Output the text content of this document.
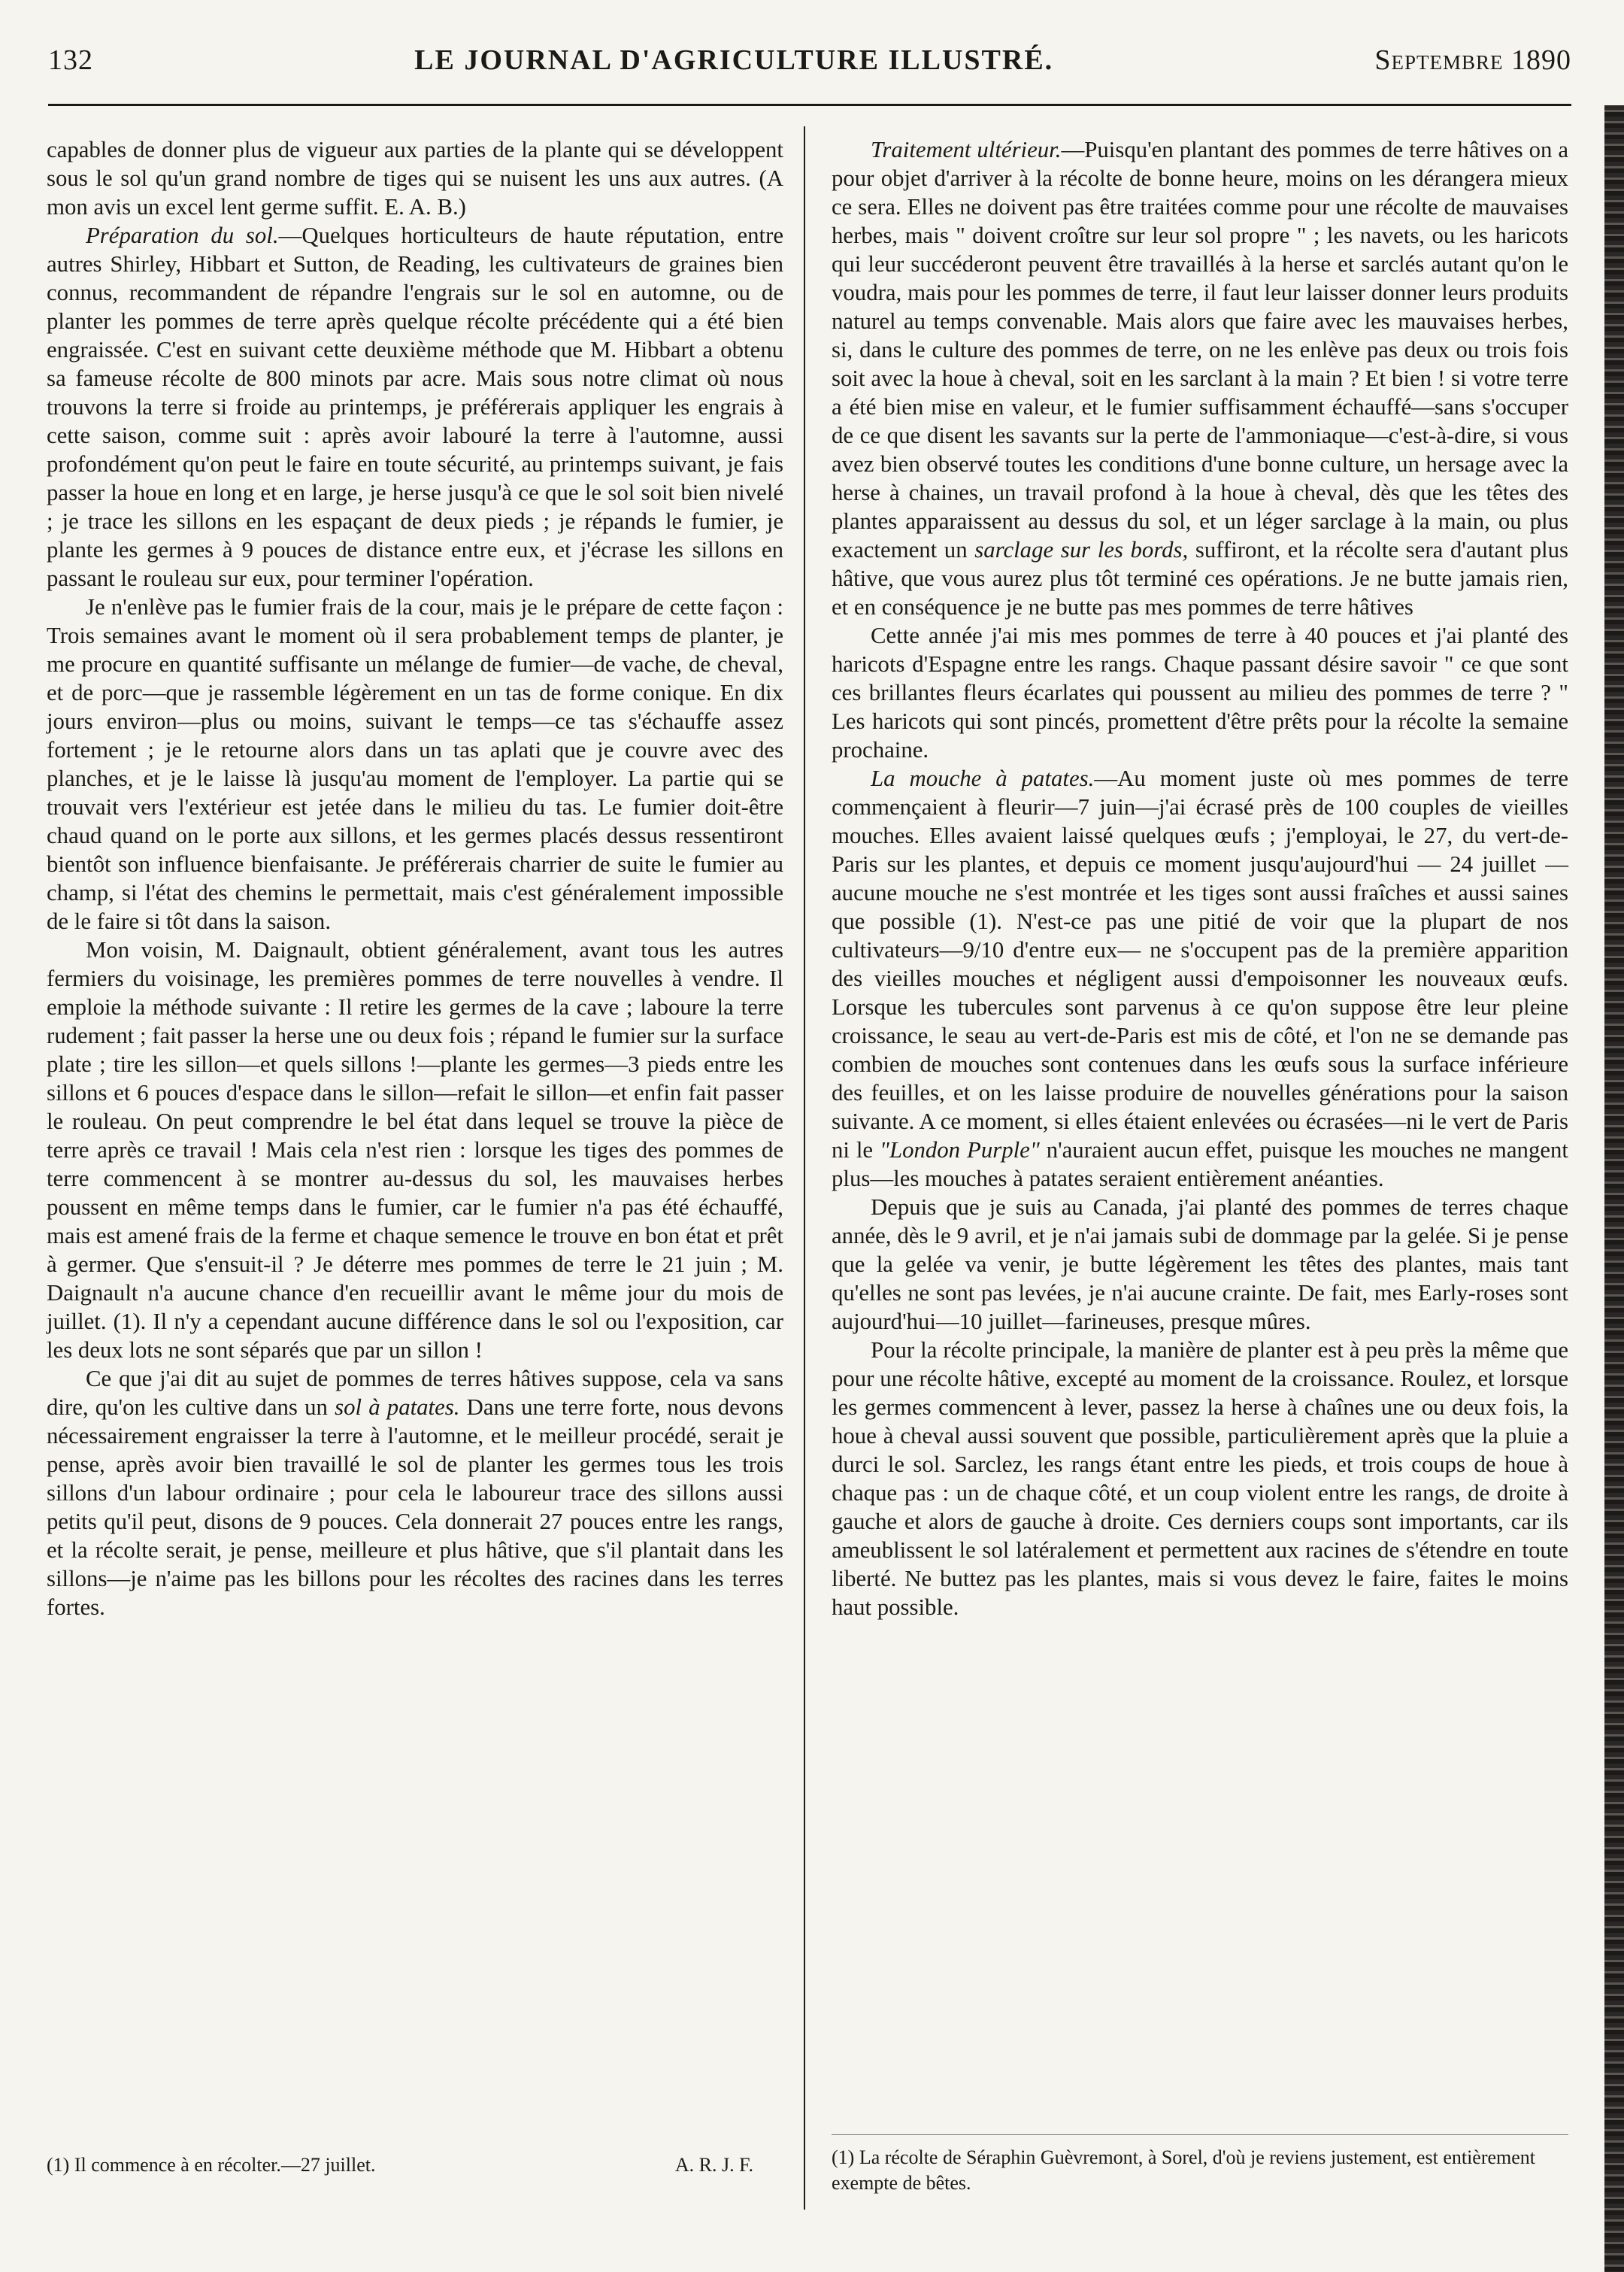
132	LE JOURNAL D'AGRICULTURE ILLUSTRÉ.	Septembre 1890

capables de donner plus de vigueur aux parties de la plante qui se développent sous le sol qu'un grand nombre de tiges qui se nuisent les uns aux autres. (A mon avis un excel lent germe suffit. E. A. B.)

Préparation du sol.—Quelques horticulteurs de haute réputation, entre autres Shirley, Hibbart et Sutton, de Reading, les cultivateurs de graines bien connus, recommandent de répandre l'engrais sur le sol en automne, ou de planter les pommes de terre après quelque récolte précédente qui a été bien engraissée. C'est en suivant cette deuxième méthode que M. Hibbart a obtenu sa fameuse récolte de 800 minots par acre. Mais sous notre climat où nous trouvons la terre si froide au printemps, je préférerais appliquer les engrais à cette saison, comme suit : après avoir labouré la terre à l'automne, aussi profondément qu'on peut le faire en toute sécurité, au printemps suivant, je fais passer la houe en long et en large, je herse jusqu'à ce que le sol soit bien nivelé ; je trace les sillons en les espaçant de deux pieds ; je répands le fumier, je plante les germes à 9 pouces de distance entre eux, et j'écrase les sillons en passant le rouleau sur eux, pour terminer l'opération.

Je n'enlève pas le fumier frais de la cour, mais je le prépare de cette façon : Trois semaines avant le moment où il sera probablement temps de planter, je me procure en quantité suffisante un mélange de fumier—de vache, de cheval, et de porc—que je rassemble légèrement en un tas de forme conique. En dix jours environ—plus ou moins, suivant le temps—ce tas s'échauffe assez fortement ; je le retourne alors dans un tas aplati que je couvre avec des planches, et je le laisse là jusqu'au moment de l'employer. La partie qui se trouvait vers l'extérieur est jetée dans le milieu du tas. Le fumier doit-être chaud quand on le porte aux sillons, et les germes placés dessus ressentiront bientôt son influence bienfaisante. Je préférerais charrier de suite le fumier au champ, si l'état des chemins le permettait, mais c'est généralement impossible de le faire si tôt dans la saison.

Mon voisin, M. Daignault, obtient généralement, avant tous les autres fermiers du voisinage, les premières pommes de terre nouvelles à vendre. Il emploie la méthode suivante : Il retire les germes de la cave ; laboure la terre rudement ; fait passer la herse une ou deux fois ; répand le fumier sur la surface plate ; tire les sillon—et quels sillons !—plante les germes—3 pieds entre les sillons et 6 pouces d'espace dans le sillon—refait le sillon—et enfin fait passer le rouleau. On peut comprendre le bel état dans lequel se trouve la pièce de terre après ce travail ! Mais cela n'est rien : lorsque les tiges des pommes de terre commencent à se montrer au-dessus du sol, les mauvaises herbes poussent en même temps dans le fumier, car le fumier n'a pas été échauffé, mais est amené frais de la ferme et chaque semence le trouve en bon état et prêt à germer. Que s'ensuit-il ? Je déterre mes pommes de terre le 21 juin ; M. Daignault n'a aucune chance d'en recueillir avant le même jour du mois de juillet. (1). Il n'y a cependant aucune différence dans le sol ou l'exposition, car les deux lots ne sont séparés que par un sillon !

Ce que j'ai dit au sujet de pommes de terres hâtives suppose, cela va sans dire, qu'on les cultive dans un sol à patates. Dans une terre forte, nous devons nécessairement engraisser la terre à l'automne, et le meilleur procédé, serait je pense, après avoir bien travaillé le sol de planter les germes tous les trois sillons d'un labour ordinaire ; pour cela le laboureur trace des sillons aussi petits qu'il peut, disons de 9 pouces. Cela donnerait 27 pouces entre les rangs, et la récolte serait, je pense, meilleure et plus hâtive, que s'il plantait dans les sillons—je n'aime pas les billons pour les récoltes des racines dans les terres fortes.

(1) Il commence à en récolter.—27 juillet.	A. R. J. F.

Traitement ultérieur.—Puisqu'en plantant des pommes de terre hâtives on a pour objet d'arriver à la récolte de bonne heure, moins on les dérangera mieux ce sera. Elles ne doivent pas être traitées comme pour une récolte de mauvaises herbes, mais " doivent croître sur leur sol propre " ; les navets, ou les haricots qui leur succéderont peuvent être travaillés à la herse et sarclés autant qu'on le voudra, mais pour les pommes de terre, il faut leur laisser donner leurs produits naturel au temps convenable. Mais alors que faire avec les mauvaises herbes, si, dans le culture des pommes de terre, on ne les enlève pas deux ou trois fois soit avec la houe à cheval, soit en les sarclant à la main ? Et bien ! si votre terre a été bien mise en valeur, et le fumier suffisamment échauffé—sans s'occuper de ce que disent les savants sur la perte de l'ammoniaque—c'est-à-dire, si vous avez bien observé toutes les conditions d'une bonne culture, un hersage avec la herse à chaines, un travail profond à la houe à cheval, dès que les têtes des plantes apparaissent au dessus du sol, et un léger sarclage à la main, ou plus exactement un sarclage sur les bords, suffiront, et la récolte sera d'autant plus hâtive, que vous aurez plus tôt terminé ces opérations. Je ne butte jamais rien, et en conséquence je ne butte pas mes pommes de terre hâtives

Cette année j'ai mis mes pommes de terre à 40 pouces et j'ai planté des haricots d'Espagne entre les rangs. Chaque passant désire savoir " ce que sont ces brillantes fleurs écarlates qui poussent au milieu des pommes de terre ? " Les haricots qui sont pincés, promettent d'être prêts pour la récolte la semaine prochaine.

La mouche à patates.—Au moment juste où mes pommes de terre commençaient à fleurir—7 juin—j'ai écrasé près de 100 couples de vieilles mouches. Elles avaient laissé quelques œufs ; j'employai, le 27, du vert-de-Paris sur les plantes, et depuis ce moment jusqu'aujourd'hui — 24 juillet — aucune mouche ne s'est montrée et les tiges sont aussi fraîches et aussi saines que possible (1). N'est-ce pas une pitié de voir que la plupart de nos cultivateurs—9/10 d'entre eux— ne s'occupent pas de la première apparition des vieilles mouches et négligent aussi d'empoisonner les nouveaux œufs. Lorsque les tubercules sont parvenus à ce qu'on suppose être leur pleine croissance, le seau au vert-de-Paris est mis de côté, et l'on ne se demande pas combien de mouches sont contenues dans les œufs sous la surface inférieure des feuilles, et on les laisse produire de nouvelles générations pour la saison suivante. A ce moment, si elles étaient enlevées ou écrasées—ni le vert de Paris ni le "London Purple" n'auraient aucun effet, puisque les mouches ne mangent plus—les mouches à patates seraient entièrement anéanties.

Depuis que je suis au Canada, j'ai planté des pommes de terres chaque année, dès le 9 avril, et je n'ai jamais subi de dommage par la gelée. Si je pense que la gelée va venir, je butte légèrement les têtes des plantes, mais tant qu'elles ne sont pas levées, je n'ai aucune crainte. De fait, mes Early-roses sont aujourd'hui—10 juillet—farineuses, presque mûres.

Pour la récolte principale, la manière de planter est à peu près la même que pour une récolte hâtive, excepté au moment de la croissance. Roulez, et lorsque les germes commencent à lever, passez la herse à chaînes une ou deux fois, la houe à cheval aussi souvent que possible, particulièrement après que la pluie a durci le sol. Sarclez, les rangs étant entre les pieds, et trois coups de houe à chaque pas : un de chaque côté, et un coup violent entre les rangs, de droite à gauche et alors de gauche à droite. Ces derniers coups sont importants, car ils ameublissent le sol latéralement et permettent aux racines de s'étendre en toute liberté. Ne buttez pas les plantes, mais si vous devez le faire, faites le moins haut possible.

(1) La récolte de Séraphin Guèvremont, à Sorel, d'où je reviens justement, est entièrement exempte de bêtes.
